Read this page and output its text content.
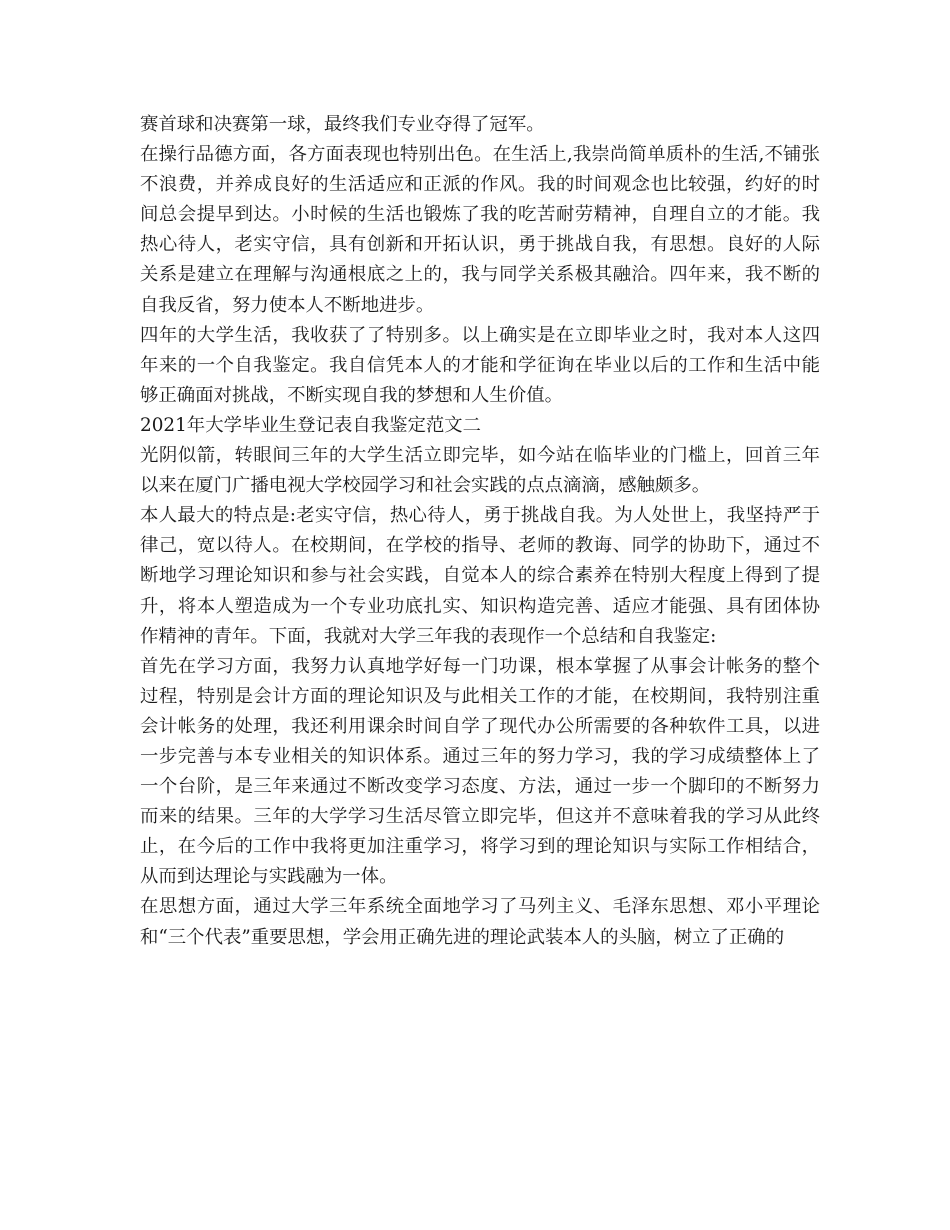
赛首球和决赛第一球，最终我们专业夺得了冠军。

在操行品德方面，各方面表现也特别出色。在生活上,我崇尚简单质朴的生活,不铺张不浪费，并养成良好的生活适应和正派的作风。我的时间观念也比较强，约好的时间总会提早到达。小时候的生活也锻炼了我的吃苦耐劳精神，自理自立的才能。我热心待人，老实守信，具有创新和开拓认识，勇于挑战自我，有思想。良好的人际关系是建立在理解与沟通根底之上的，我与同学关系极其融洽。四年来，我不断的自我反省，努力使本人不断地进步。

四年的大学生活，我收获了了特别多。以上确实是在立即毕业之时，我对本人这四年来的一个自我鉴定。我自信凭本人的才能和学征询在毕业以后的工作和生活中能够正确面对挑战，不断实现自我的梦想和人生价值。

2021年大学毕业生登记表自我鉴定范文二

光阴似箭，转眼间三年的大学生活立即完毕，如今站在临毕业的门槛上，回首三年以来在厦门广播电视大学校园学习和社会实践的点点滴滴，感触颇多。

本人最大的特点是:老实守信，热心待人，勇于挑战自我。为人处世上，我坚持严于律己，宽以待人。在校期间，在学校的指导、老师的教诲、同学的协助下，通过不断地学习理论知识和参与社会实践，自觉本人的综合素养在特别大程度上得到了提升，将本人塑造成为一个专业功底扎实、知识构造完善、适应才能强、具有团体协作精神的青年。下面，我就对大学三年我的表现作一个总结和自我鉴定:

首先在学习方面，我努力认真地学好每一门功课，根本掌握了从事会计帐务的整个过程，特别是会计方面的理论知识及与此相关工作的才能，在校期间，我特别注重会计帐务的处理，我还利用课余时间自学了现代办公所需要的各种软件工具，以进一步完善与本专业相关的知识体系。通过三年的努力学习，我的学习成绩整体上了一个台阶，是三年来通过不断改变学习态度、方法，通过一步一个脚印的不断努力而来的结果。三年的大学学习生活尽管立即完毕，但这并不意味着我的学习从此终止，在今后的工作中我将更加注重学习，将学习到的理论知识与实际工作相结合，从而到达理论与实践融为一体。

在思想方面，通过大学三年系统全面地学习了马列主义、毛泽东思想、邓小平理论和“三个代表”重要思想，学会用正确先进的理论武装本人的头脑，树立了正确的
